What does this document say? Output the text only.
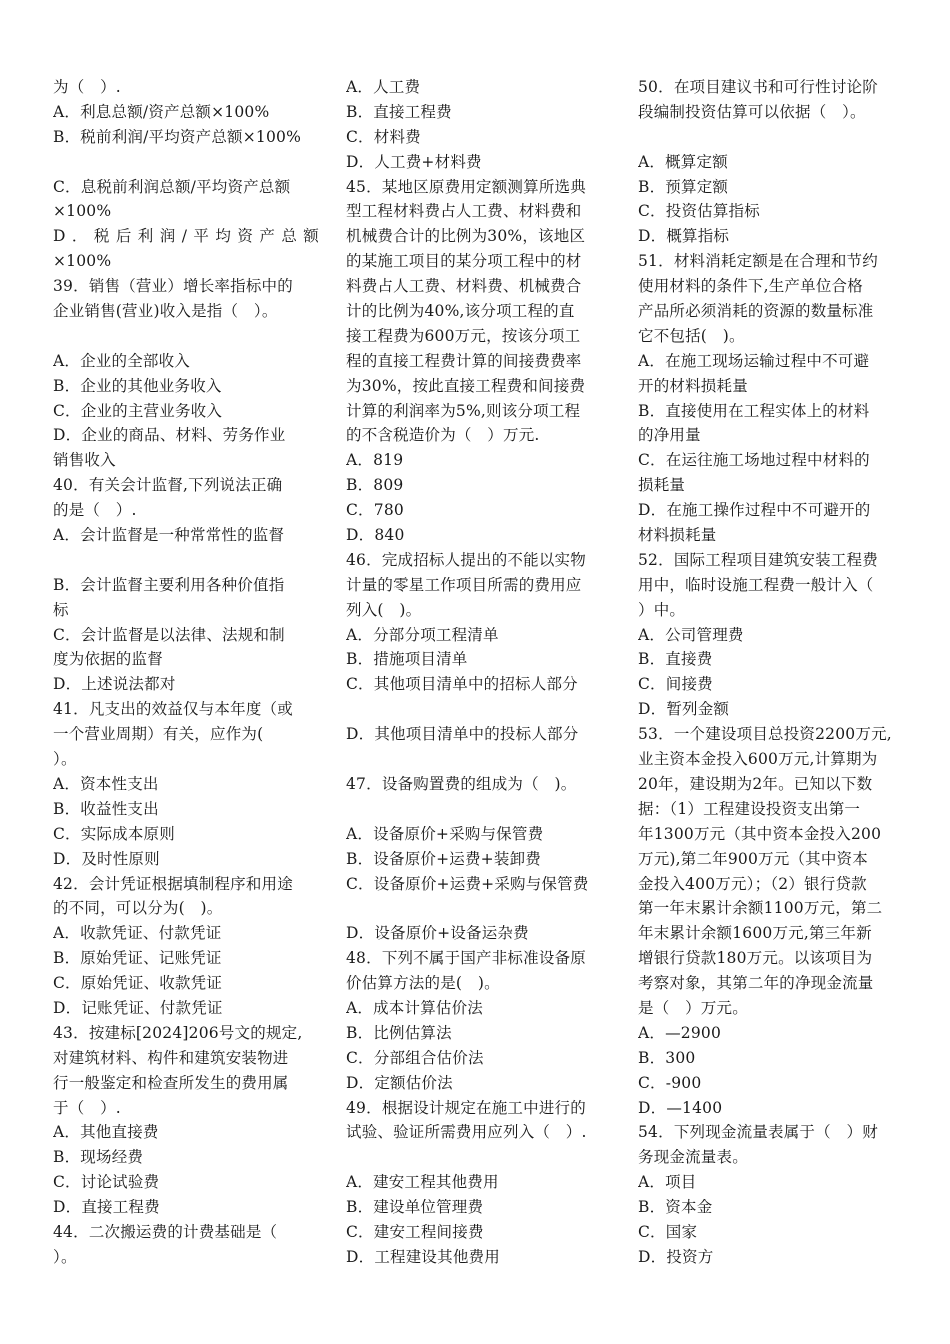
为（　）.
A．利息总额/资产总额×100%
B．税前利润/平均资产总额×100%
C．息税前利润总额/平均资产总额
×100%
D．税后利润/平均资产总额
×100%
39．销售（营业）增长率指标中的
企业销售(营业)收入是指（　）。
A．企业的全部收入
B．企业的其他业务收入
C．企业的主营业务收入
D．企业的商品、材料、劳务作业
销售收入
40．有关会计监督,下列说法正确
的是（　）.
A．会计监督是一种常常性的监督
B．会计监督主要利用各种价值指
标
C．会计监督是以法律、法规和制
度为依据的监督
D．上述说法都对
41．凡支出的效益仅与本年度（或
一个营业周期）有关，应作为(
）。
A．资本性支出
B．收益性支出
C．实际成本原则
D．及时性原则
42．会计凭证根据填制程序和用途
的不同，可以分为(　)。
A．收款凭证、付款凭证
B．原始凭证、记账凭证
C．原始凭证、收款凭证
D．记账凭证、付款凭证
43．按建标[2024]206号文的规定,
对建筑材料、构件和建筑安装物进
行一般鉴定和检查所发生的费用属
于（　）.
A．其他直接费
B．现场经费
C．讨论试验费
D．直接工程费
44．二次搬运费的计费基础是（
）。
A．人工费
B．直接工程费
C．材料费
D．人工费+材料费
45．某地区原费用定额测算所选典
型工程材料费占人工费、材料费和
机械费合计的比例为30%，该地区
的某施工项目的某分项工程中的材
料费占人工费、材料费、机械费合
计的比例为40%,该分项工程的直
接工程费为600万元，按该分项工
程的直接工程费计算的间接费费率
为30%，按此直接工程费和间接费
计算的利润率为5%,则该分项工程
的不含税造价为（　）万元.
A．819
B．809
C．780
D．840
46．完成招标人提出的不能以实物
计量的零星工作项目所需的费用应
列入(　)。
A．分部分项工程清单
B．措施项目清单
C．其他项目清单中的招标人部分
D．其他项目清单中的投标人部分
47．设备购置费的组成为（　)。
A．设备原价+采购与保管费
B．设备原价+运费+装卸费
C．设备原价+运费+采购与保管费
D．设备原价+设备运杂费
48．下列不属于国产非标准设备原
价估算方法的是(　)。
A．成本计算估价法
B．比例估算法
C．分部组合估价法
D．定额估价法
49．根据设计规定在施工中进行的
试验、验证所需费用应列入（　）.
A．建安工程其他费用
B．建设单位管理费
C．建安工程间接费
D．工程建设其他费用
50．在项目建议书和可行性讨论阶
段编制投资估算可以依据（　）。
A．概算定额
B．预算定额
C．投资估算指标
D．概算指标
51．材料消耗定额是在合理和节约
使用材料的条件下,生产单位合格
产品所必须消耗的资源的数量标准
它不包括(　)。
A．在施工现场运输过程中不可避
开的材料损耗量
B．直接使用在工程实体上的材料
的净用量
C．在运往施工场地过程中材料的
损耗量
D．在施工操作过程中不可避开的
材料损耗量
52．国际工程项目建筑安装工程费
用中，临时设施工程费一般计入（
）中。
A．公司管理费
B．直接费
C．间接费
D．暂列金额
53．一个建设项目总投资2200万元,
业主资本金投入600万元,计算期为
20年，建设期为2年。已知以下数
据：（1）工程建设投资支出第一
年1300万元（其中资本金投入200
万元),第二年900万元（其中资本
金投入400万元）；（2）银行贷款
第一年末累计余额1100万元，第二
年末累计余额1600万元,第三年新
增银行贷款180万元。以该项目为
考察对象，其第二年的净现金流量
是（　）万元。
A．—2900
B．300
C．-900
D．—1400
54．下列现金流量表属于（　）财
务现金流量表。
A．项目
B．资本金
C．国家
D．投资方
